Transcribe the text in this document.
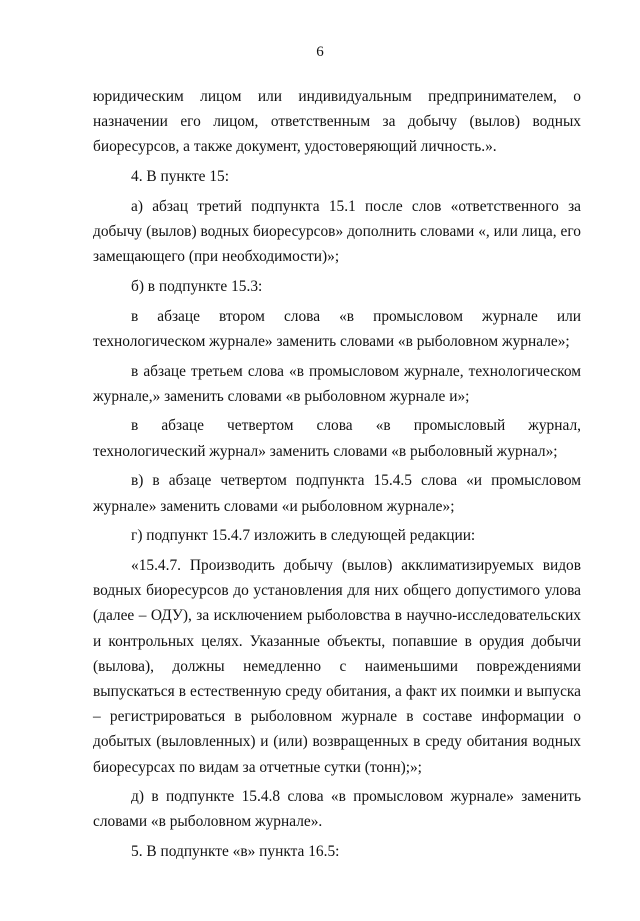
6

юридическим лицом или индивидуальным предпринимателем, о назначении его лицом, ответственным за добычу (вылов) водных биоресурсов, а также документ, удостоверяющий личность.».

4. В пункте 15:

а) абзац третий подпункта 15.1 после слов «ответственного за добычу (вылов) водных биоресурсов» дополнить словами «, или лица, его замещающего (при необходимости)»;

б) в подпункте 15.3:

в абзаце втором слова «в промысловом журнале или технологическом журнале» заменить словами «в рыболовном журнале»;

в абзаце третьем слова «в промысловом журнале, технологическом журнале,» заменить словами «в рыболовном журнале и»;

в абзаце четвертом слова «в промысловый журнал, технологический журнал» заменить словами «в рыболовный журнал»;

в) в абзаце четвертом подпункта 15.4.5 слова «и промысловом журнале» заменить словами «и рыболовном журнале»;

г) подпункт 15.4.7 изложить в следующей редакции:

«15.4.7. Производить добычу (вылов) акклиматизируемых видов водных биоресурсов до установления для них общего допустимого улова (далее – ОДУ), за исключением рыболовства в научно-исследовательских и контрольных целях. Указанные объекты, попавшие в орудия добычи (вылова), должны немедленно с наименьшими повреждениями выпускаться в естественную среду обитания, а факт их поимки и выпуска – регистрироваться в рыболовном журнале в составе информации о добытых (выловленных) и (или) возвращенных в среду обитания водных биоресурсах по видам за отчетные сутки (тонн);»;

д) в подпункте 15.4.8 слова «в промысловом журнале» заменить словами «в рыболовном журнале».

5. В подпункте «в» пункта 16.5:
